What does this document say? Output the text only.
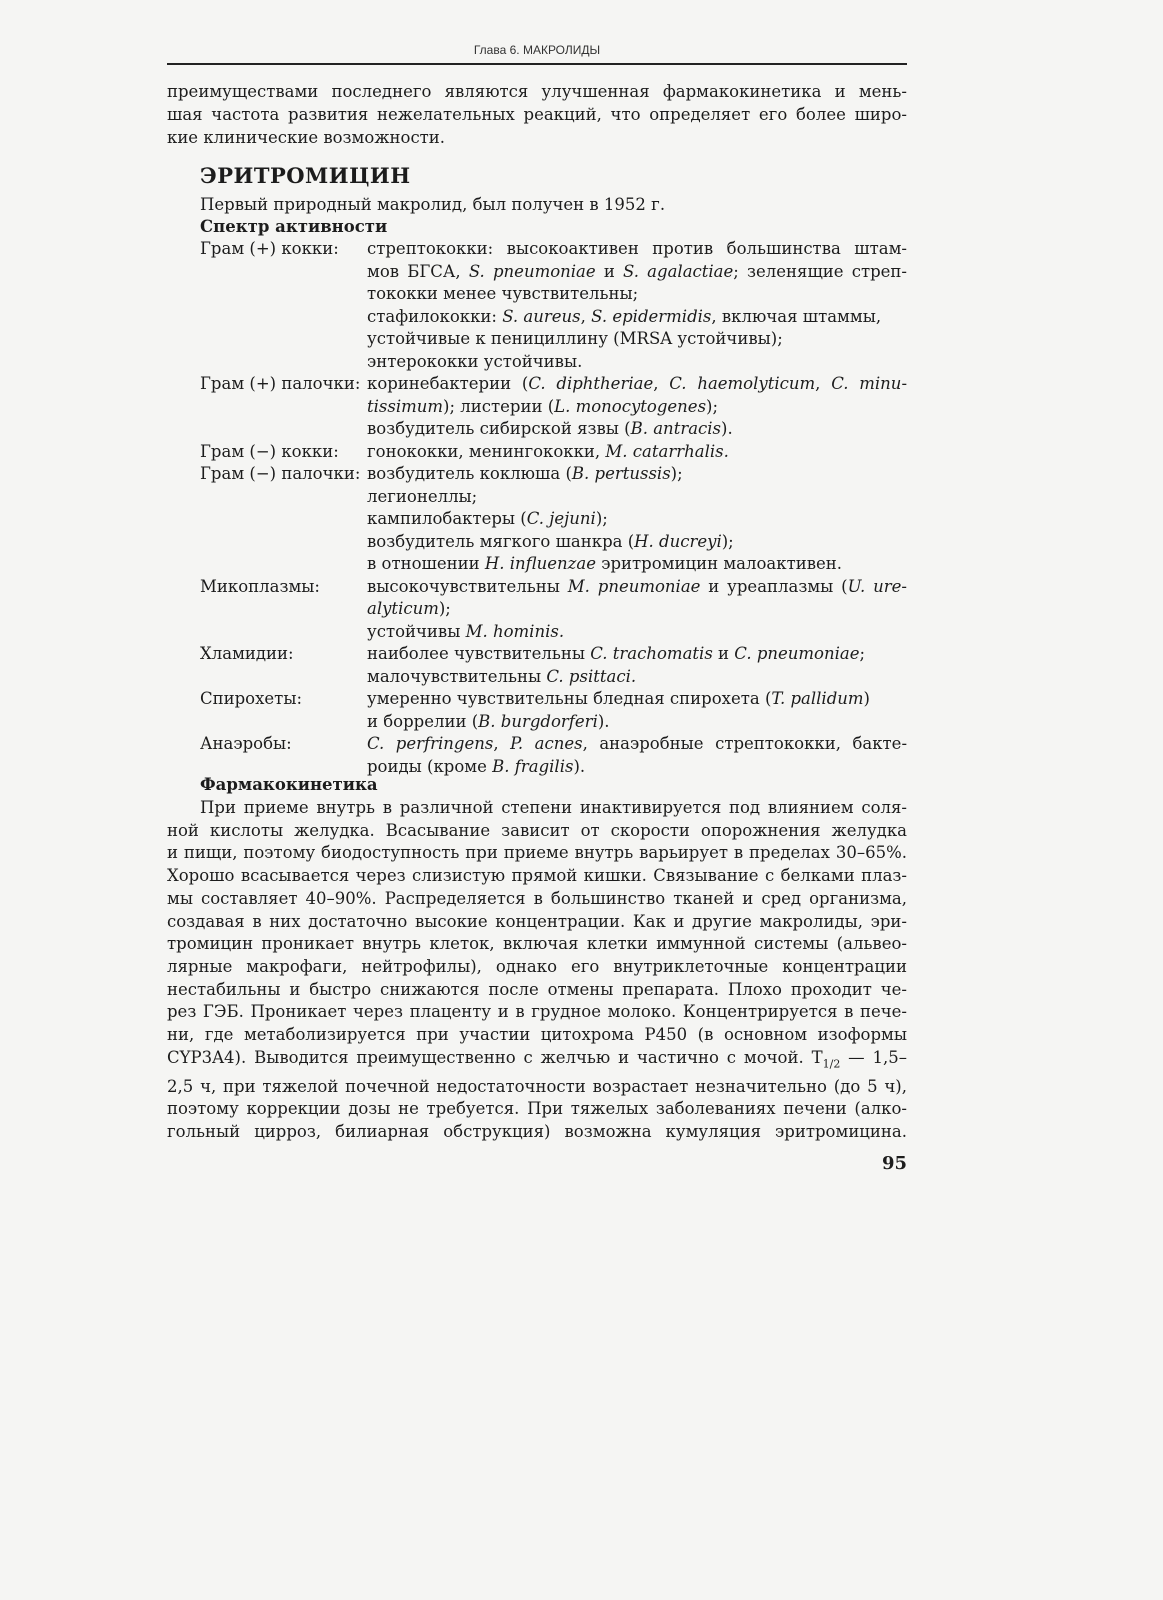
Глава 6. МАКРОЛИДЫ
преимуществами последнего являются улучшенная фармакокинетика и мень-
шая частота развития нежелательных реакций, что определяет его более широ-
кие клинические возможности.
ЭРИТРОМИЦИН
Первый природный макролид, был получен в 1952 г.
Спектр активности
Грам (+) кокки:	стрептококки: высокоактивен против большинства штам-
мов БГСА, S. pneumoniae и S. agalactiae; зеленящие стреп-
тококки менее чувствительны;
стафилококки: S. aureus, S. epidermidis, включая штаммы,
устойчивые к пенициллину (MRSA устойчивы);
энтерококки устойчивы.
Грам (+) палочки: коринебактерии (C. diphtheriae, C. haemolyticum, C. minu-
tissimum); листерии (L. monocytogenes);
возбудитель сибирской язвы (B. antracis).
Грам (−) кокки:	гонококки, менингококки, M. catarrhalis.
Грам (−) палочки: возбудитель коклюша (B. pertussis);
легионеллы;
кампилобактеры (C. jejuni);
возбудитель мягкого шанкра (H. ducreyi);
в отношении H. influenzae эритромицин малоактивен.
Микоплазмы:	высокочувствительны M. pneumoniae и уреаплазмы (U. ure-
alyticum);
устойчивы M. hominis.
Хламидии:	наиболее чувствительны C. trachomatis и C. pneumoniae;
малочувствительны C. psittaci.
Спирохеты:	умеренно чувствительны бледная спирохета (T. pallidum)
и боррелии (B. burgdorferi).
Анаэробы:	C. perfringens, P. acnes, анаэробные стрептококки, бакте-
роиды (кроме B. fragilis).
Фармакокинетика
При приеме внутрь в различной степени инактивируется под влиянием соля-
ной кислоты желудка. Всасывание зависит от скорости опорожнения желудка
и пищи, поэтому биодоступность при приеме внутрь варьирует в пределах 30–65%.
Хорошо всасывается через слизистую прямой кишки. Связывание с белками плаз-
мы составляет 40–90%. Распределяется в большинство тканей и сред организма,
создавая в них достаточно высокие концентрации. Как и другие макролиды, эри-
тромицин проникает внутрь клеток, включая клетки иммунной системы (альвео-
лярные макрофаги, нейтрофилы), однако его внутриклеточные концентрации
нестабильны и быстро снижаются после отмены препарата. Плохо проходит че-
рез ГЭБ. Проникает через плаценту и в грудное молоко. Концентрируется в пече-
ни, где метаболизируется при участии цитохрома Р450 (в основном изоформы
CYP3A4). Выводится преимущественно с желчью и частично с мочой. $T_{1/2}$ — 1,5–
2,5 ч, при тяжелой почечной недостаточности возрастает незначительно (до 5 ч),
поэтому коррекции дозы не требуется. При тяжелых заболеваниях печени (алко-
гольный цирроз, билиарная обструкция) возможна кумуляция эритромицина.
95
